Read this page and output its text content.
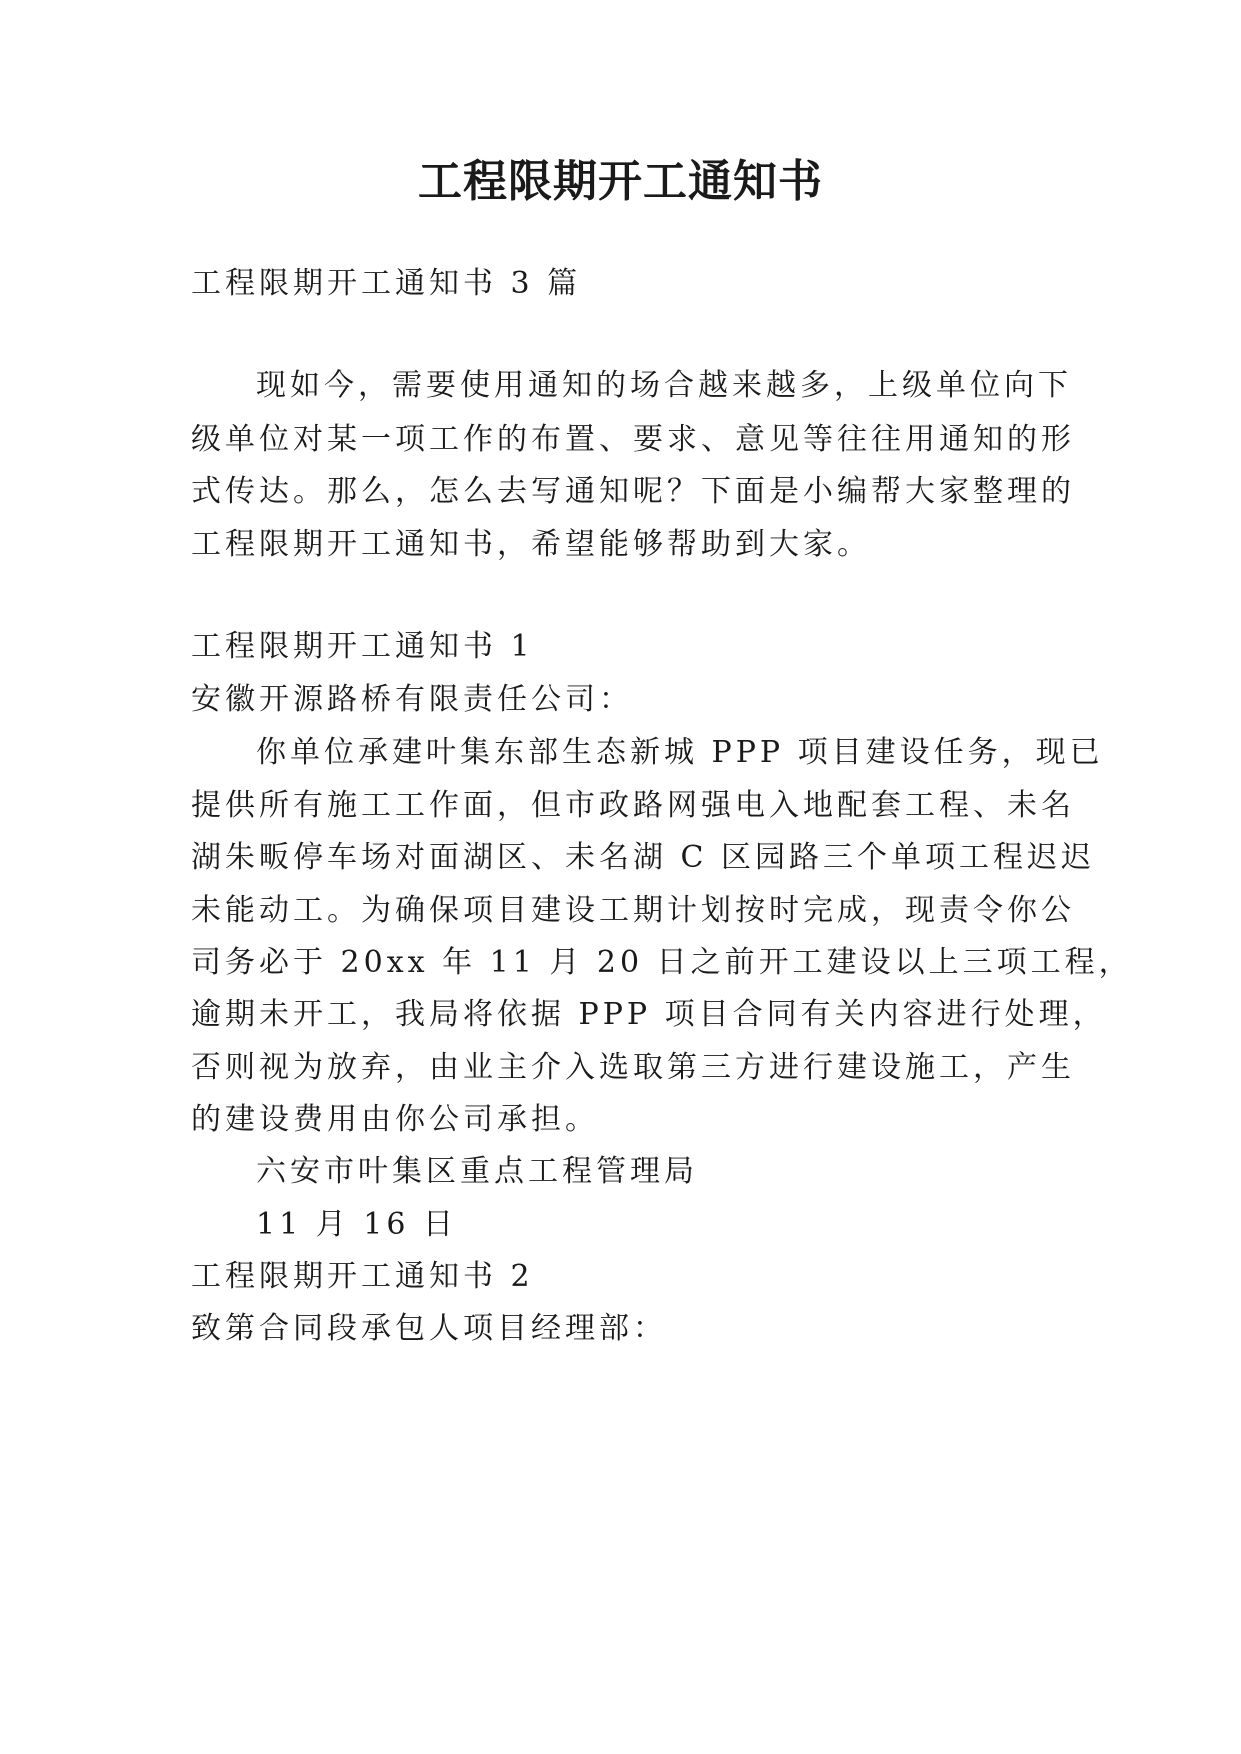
工程限期开工通知书
工程限期开工通知书 3 篇
现如今，需要使用通知的场合越来越多，上级单位向下
级单位对某一项工作的布置、要求、意见等往往用通知的形
式传达。那么，怎么去写通知呢？下面是小编帮大家整理的
工程限期开工通知书，希望能够帮助到大家。
工程限期开工通知书 1
安徽开源路桥有限责任公司：
你单位承建叶集东部生态新城 PPP 项目建设任务，现已
提供所有施工工作面，但市政路网强电入地配套工程、未名
湖朱畈停车场对面湖区、未名湖 C 区园路三个单项工程迟迟
未能动工。为确保项目建设工期计划按时完成，现责令你公
司务必于 20xx 年 11 月 20 日之前开工建设以上三项工程，
逾期未开工，我局将依据 PPP 项目合同有关内容进行处理，
否则视为放弃，由业主介入选取第三方进行建设施工，产生
的建设费用由你公司承担。
六安市叶集区重点工程管理局
11 月 16 日
工程限期开工通知书 2
致第合同段承包人项目经理部：
